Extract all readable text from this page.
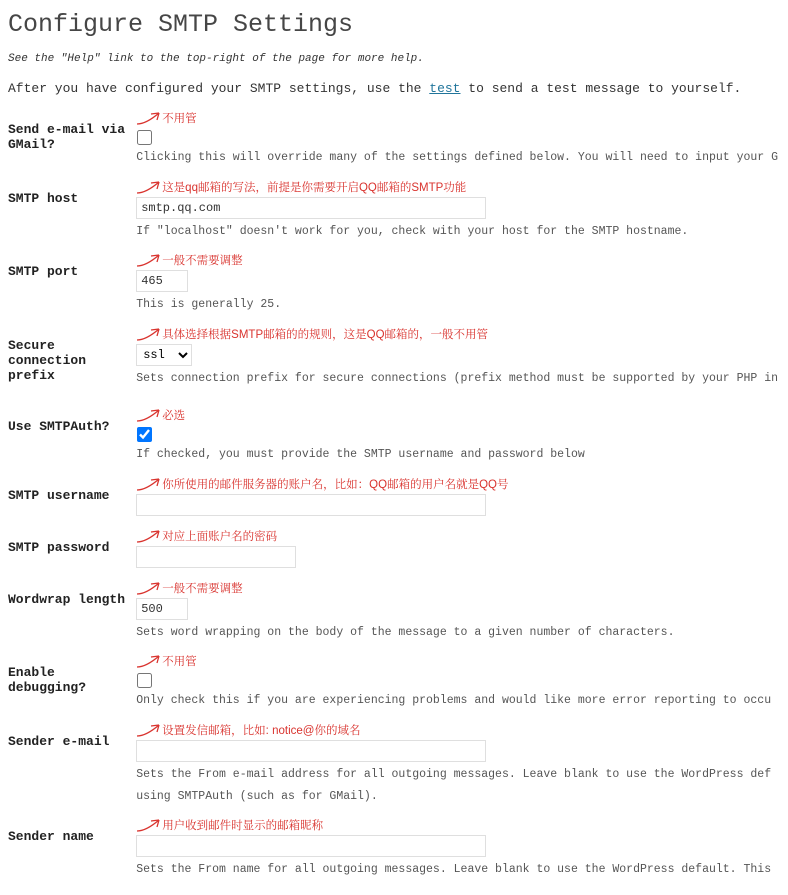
Configure SMTP Settings

See the "Help" link to the top-right of the page for more help.

After you have configured your SMTP settings, use the test to send a test message to yourself.

Send e-mail via GMail?	不用管
Clicking this will override many of the settings defined below. You will need to input your G

SMTP host	这是qq邮箱的写法，前提是你需要开启QQ邮箱的SMTP功能
smtp.qq.com
If "localhost" doesn't work for you, check with your host for the SMTP hostname.

SMTP port	一般不需要调整
465
This is generally 25.

Secure connection prefix	具体选择根据SMTP邮箱的的规则，这是QQ邮箱的，一般不用管
ssl
Sets connection prefix for secure connections (prefix method must be supported by your PHP in

Use SMTPAuth?	必选
If checked, you must provide the SMTP username and password below

SMTP username	你所使用的邮件服务器的账户名，比如：QQ邮箱的用户名就是QQ号

SMTP password	对应上面账户名的密码

Wordwrap length	一般不需要调整
500
Sets word wrapping on the body of the message to a given number of characters.

Enable debugging?	不用管
Only check this if you are experiencing problems and would like more error reporting to occu

Sender e-mail	设置发信邮箱，比如: notice@你的域名
Sets the From e-mail address for all outgoing messages. Leave blank to use the WordPress def
using SMTPAuth (such as for GMail).

Sender name	用户收到邮件时显示的邮箱昵称
Sets the From name for all outgoing messages. Leave blank to use the WordPress default. This
